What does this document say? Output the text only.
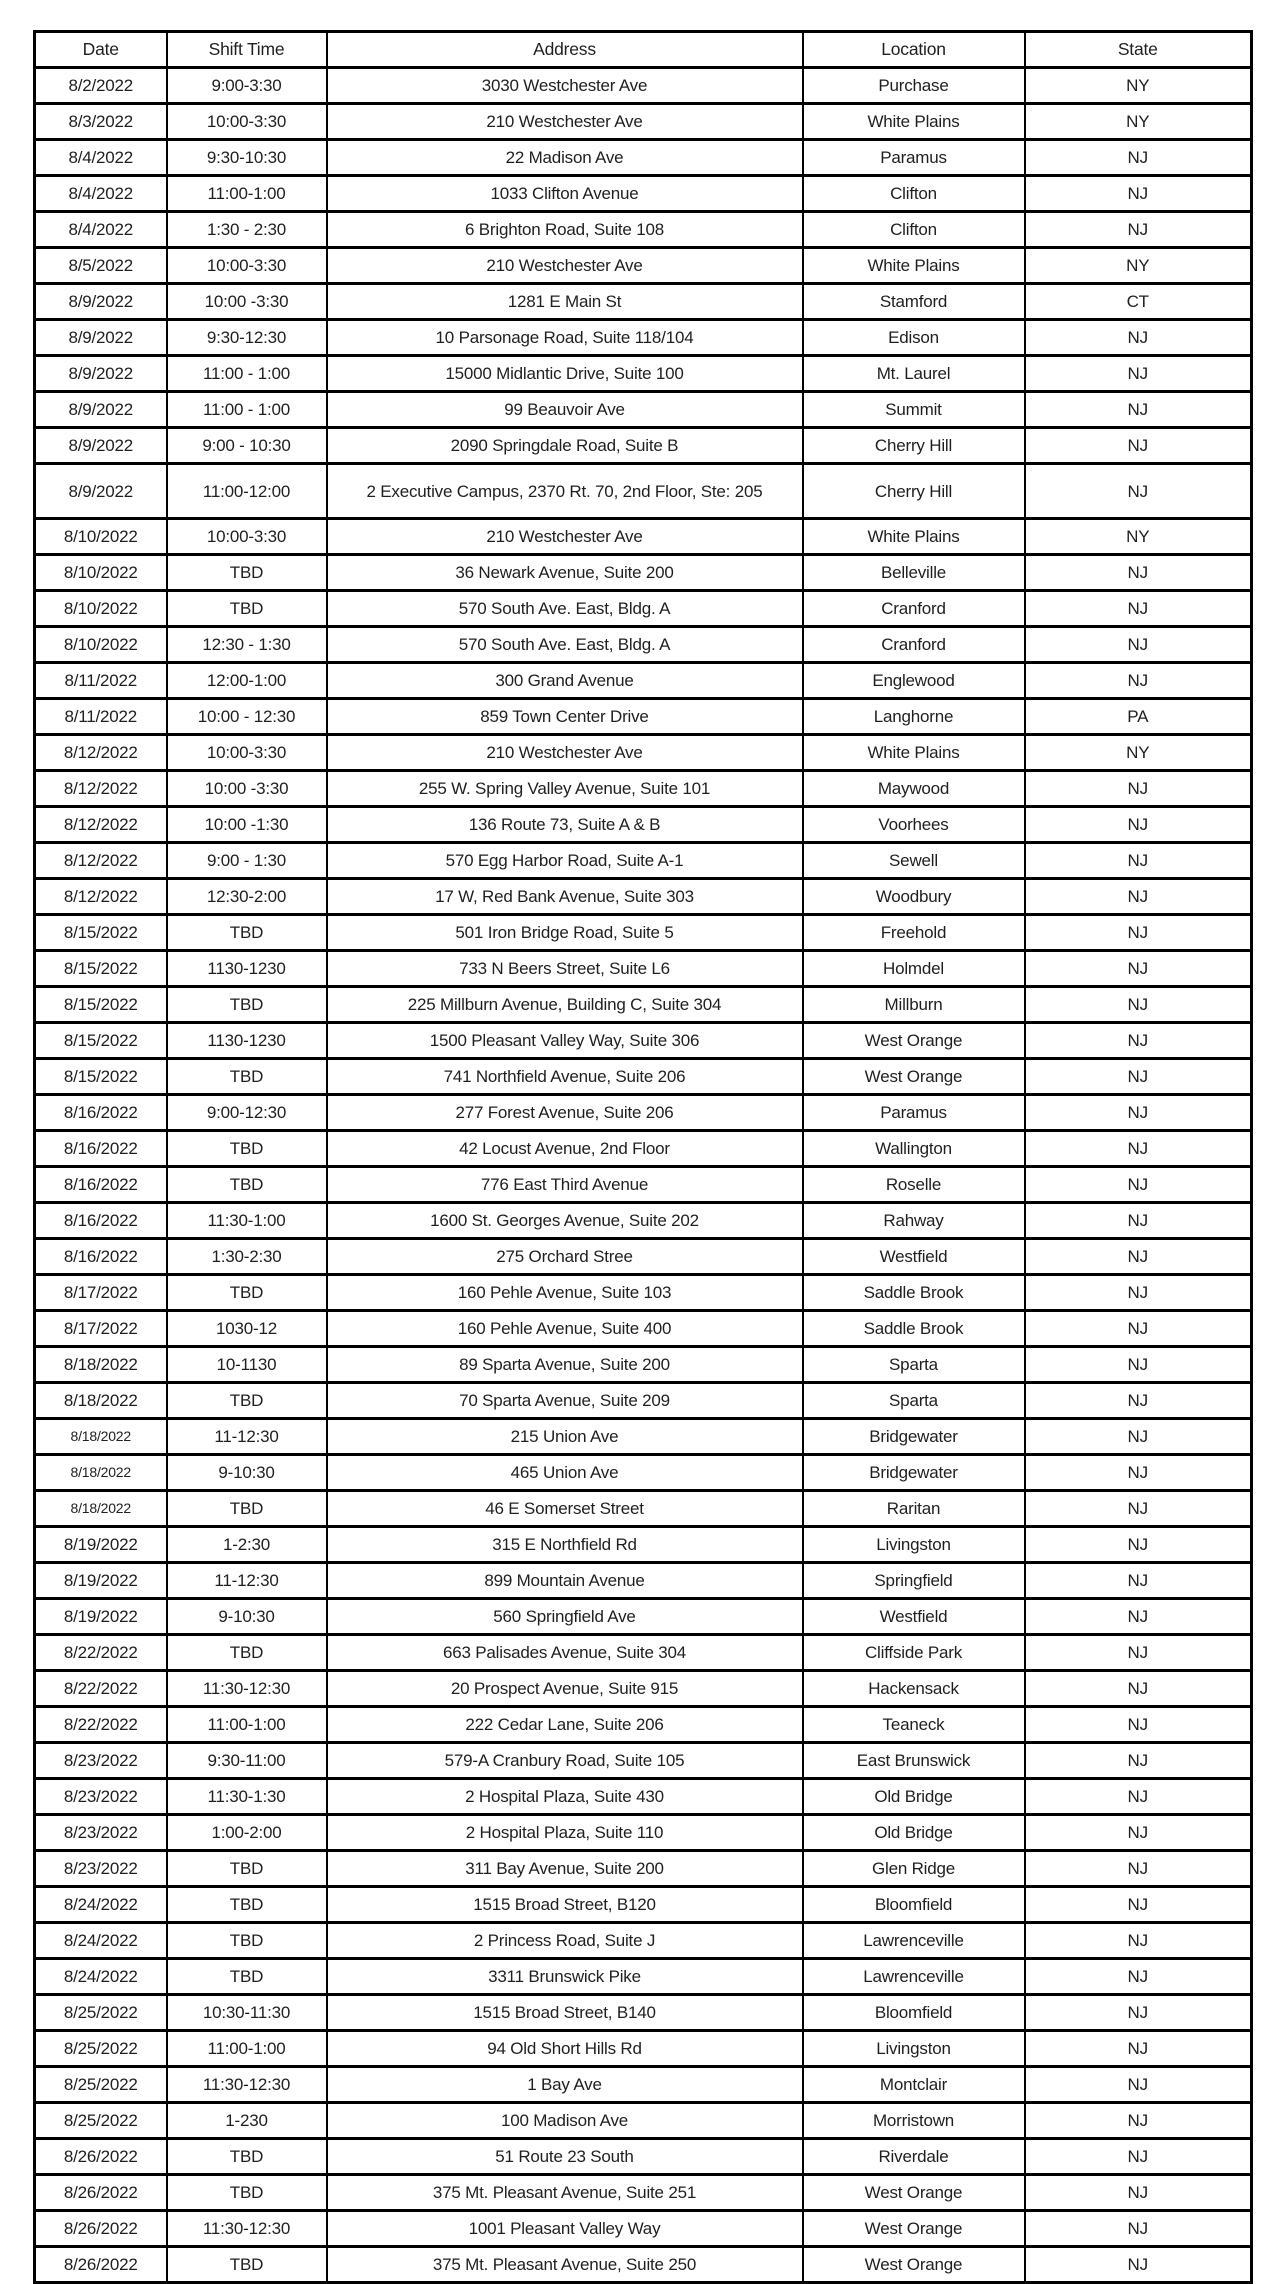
Date	Shift Time	Address	Location	State
8/2/2022	9:00-3:30	3030 Westchester Ave	Purchase	NY
8/3/2022	10:00-3:30	210 Westchester Ave	White Plains	NY
8/4/2022	9:30-10:30	22 Madison Ave	Paramus	NJ
8/4/2022	11:00-1:00	1033 Clifton Avenue	Clifton	NJ
8/4/2022	1:30 - 2:30	6 Brighton Road, Suite 108	Clifton	NJ
8/5/2022	10:00-3:30	210 Westchester Ave	White Plains	NY
8/9/2022	10:00 -3:30	1281 E Main St	Stamford	CT
8/9/2022	9:30-12:30	10 Parsonage Road, Suite 118/104	Edison	NJ
8/9/2022	11:00 - 1:00	15000 Midlantic Drive, Suite 100	Mt. Laurel	NJ
8/9/2022	11:00 - 1:00	99 Beauvoir Ave	Summit	NJ
8/9/2022	9:00 - 10:30	2090 Springdale Road, Suite B	Cherry Hill	NJ
8/9/2022	11:00-12:00	2 Executive Campus, 2370 Rt. 70, 2nd Floor, Ste: 205	Cherry Hill	NJ
8/10/2022	10:00-3:30	210 Westchester Ave	White Plains	NY
8/10/2022	TBD	36 Newark Avenue, Suite 200	Belleville	NJ
8/10/2022	TBD	570 South Ave. East, Bldg. A	Cranford	NJ
8/10/2022	12:30 - 1:30	570 South Ave. East, Bldg. A	Cranford	NJ
8/11/2022	12:00-1:00	300 Grand Avenue	Englewood	NJ
8/11/2022	10:00 - 12:30	859 Town Center Drive	Langhorne	PA
8/12/2022	10:00-3:30	210 Westchester Ave	White Plains	NY
8/12/2022	10:00 -3:30	255 W. Spring Valley Avenue, Suite 101	Maywood	NJ
8/12/2022	10:00 -1:30	136 Route 73, Suite A & B	Voorhees	NJ
8/12/2022	9:00 - 1:30	570 Egg Harbor Road, Suite A-1	Sewell	NJ
8/12/2022	12:30-2:00	17 W, Red Bank Avenue, Suite 303	Woodbury	NJ
8/15/2022	TBD	501 Iron Bridge Road, Suite 5	Freehold	NJ
8/15/2022	1130-1230	733 N Beers Street, Suite L6	Holmdel	NJ
8/15/2022	TBD	225 Millburn Avenue, Building C, Suite 304	Millburn	NJ
8/15/2022	1130-1230	1500 Pleasant Valley Way, Suite 306	West Orange	NJ
8/15/2022	TBD	741 Northfield Avenue, Suite 206	West Orange	NJ
8/16/2022	9:00-12:30	277 Forest Avenue, Suite 206	Paramus	NJ
8/16/2022	TBD	42 Locust Avenue, 2nd Floor	Wallington	NJ
8/16/2022	TBD	776 East Third Avenue	Roselle	NJ
8/16/2022	11:30-1:00	1600 St. Georges Avenue, Suite 202	Rahway	NJ
8/16/2022	1:30-2:30	275 Orchard Stree	Westfield	NJ
8/17/2022	TBD	160 Pehle Avenue, Suite 103	Saddle Brook	NJ
8/17/2022	1030-12	160 Pehle Avenue, Suite 400	Saddle Brook	NJ
8/18/2022	10-1130	89 Sparta Avenue, Suite 200	Sparta	NJ
8/18/2022	TBD	70 Sparta Avenue, Suite 209	Sparta	NJ
8/18/2022	11-12:30	215 Union Ave	Bridgewater	NJ
8/18/2022	9-10:30	465 Union Ave	Bridgewater	NJ
8/18/2022	TBD	46 E Somerset Street	Raritan	NJ
8/19/2022	1-2:30	315 E Northfield Rd	Livingston	NJ
8/19/2022	11-12:30	899 Mountain Avenue	Springfield	NJ
8/19/2022	9-10:30	560 Springfield Ave	Westfield	NJ
8/22/2022	TBD	663 Palisades Avenue, Suite 304	Cliffside Park	NJ
8/22/2022	11:30-12:30	20 Prospect Avenue, Suite 915	Hackensack	NJ
8/22/2022	11:00-1:00	222 Cedar Lane, Suite 206	Teaneck	NJ
8/23/2022	9:30-11:00	579-A Cranbury Road, Suite 105	East Brunswick	NJ
8/23/2022	11:30-1:30	2 Hospital Plaza, Suite 430	Old Bridge	NJ
8/23/2022	1:00-2:00	2 Hospital Plaza, Suite 110	Old Bridge	NJ
8/23/2022	TBD	311 Bay Avenue, Suite 200	Glen Ridge	NJ
8/24/2022	TBD	1515 Broad Street, B120	Bloomfield	NJ
8/24/2022	TBD	2 Princess Road, Suite J	Lawrenceville	NJ
8/24/2022	TBD	3311 Brunswick Pike	Lawrenceville	NJ
8/25/2022	10:30-11:30	1515 Broad Street, B140	Bloomfield	NJ
8/25/2022	11:00-1:00	94 Old Short Hills Rd	Livingston	NJ
8/25/2022	11:30-12:30	1 Bay Ave	Montclair	NJ
8/25/2022	1-230	100 Madison Ave	Morristown	NJ
8/26/2022	TBD	51 Route 23 South	Riverdale	NJ
8/26/2022	TBD	375 Mt. Pleasant Avenue, Suite 251	West Orange	NJ
8/26/2022	11:30-12:30	1001 Pleasant Valley Way	West Orange	NJ
8/26/2022	TBD	375 Mt. Pleasant Avenue, Suite 250	West Orange	NJ
